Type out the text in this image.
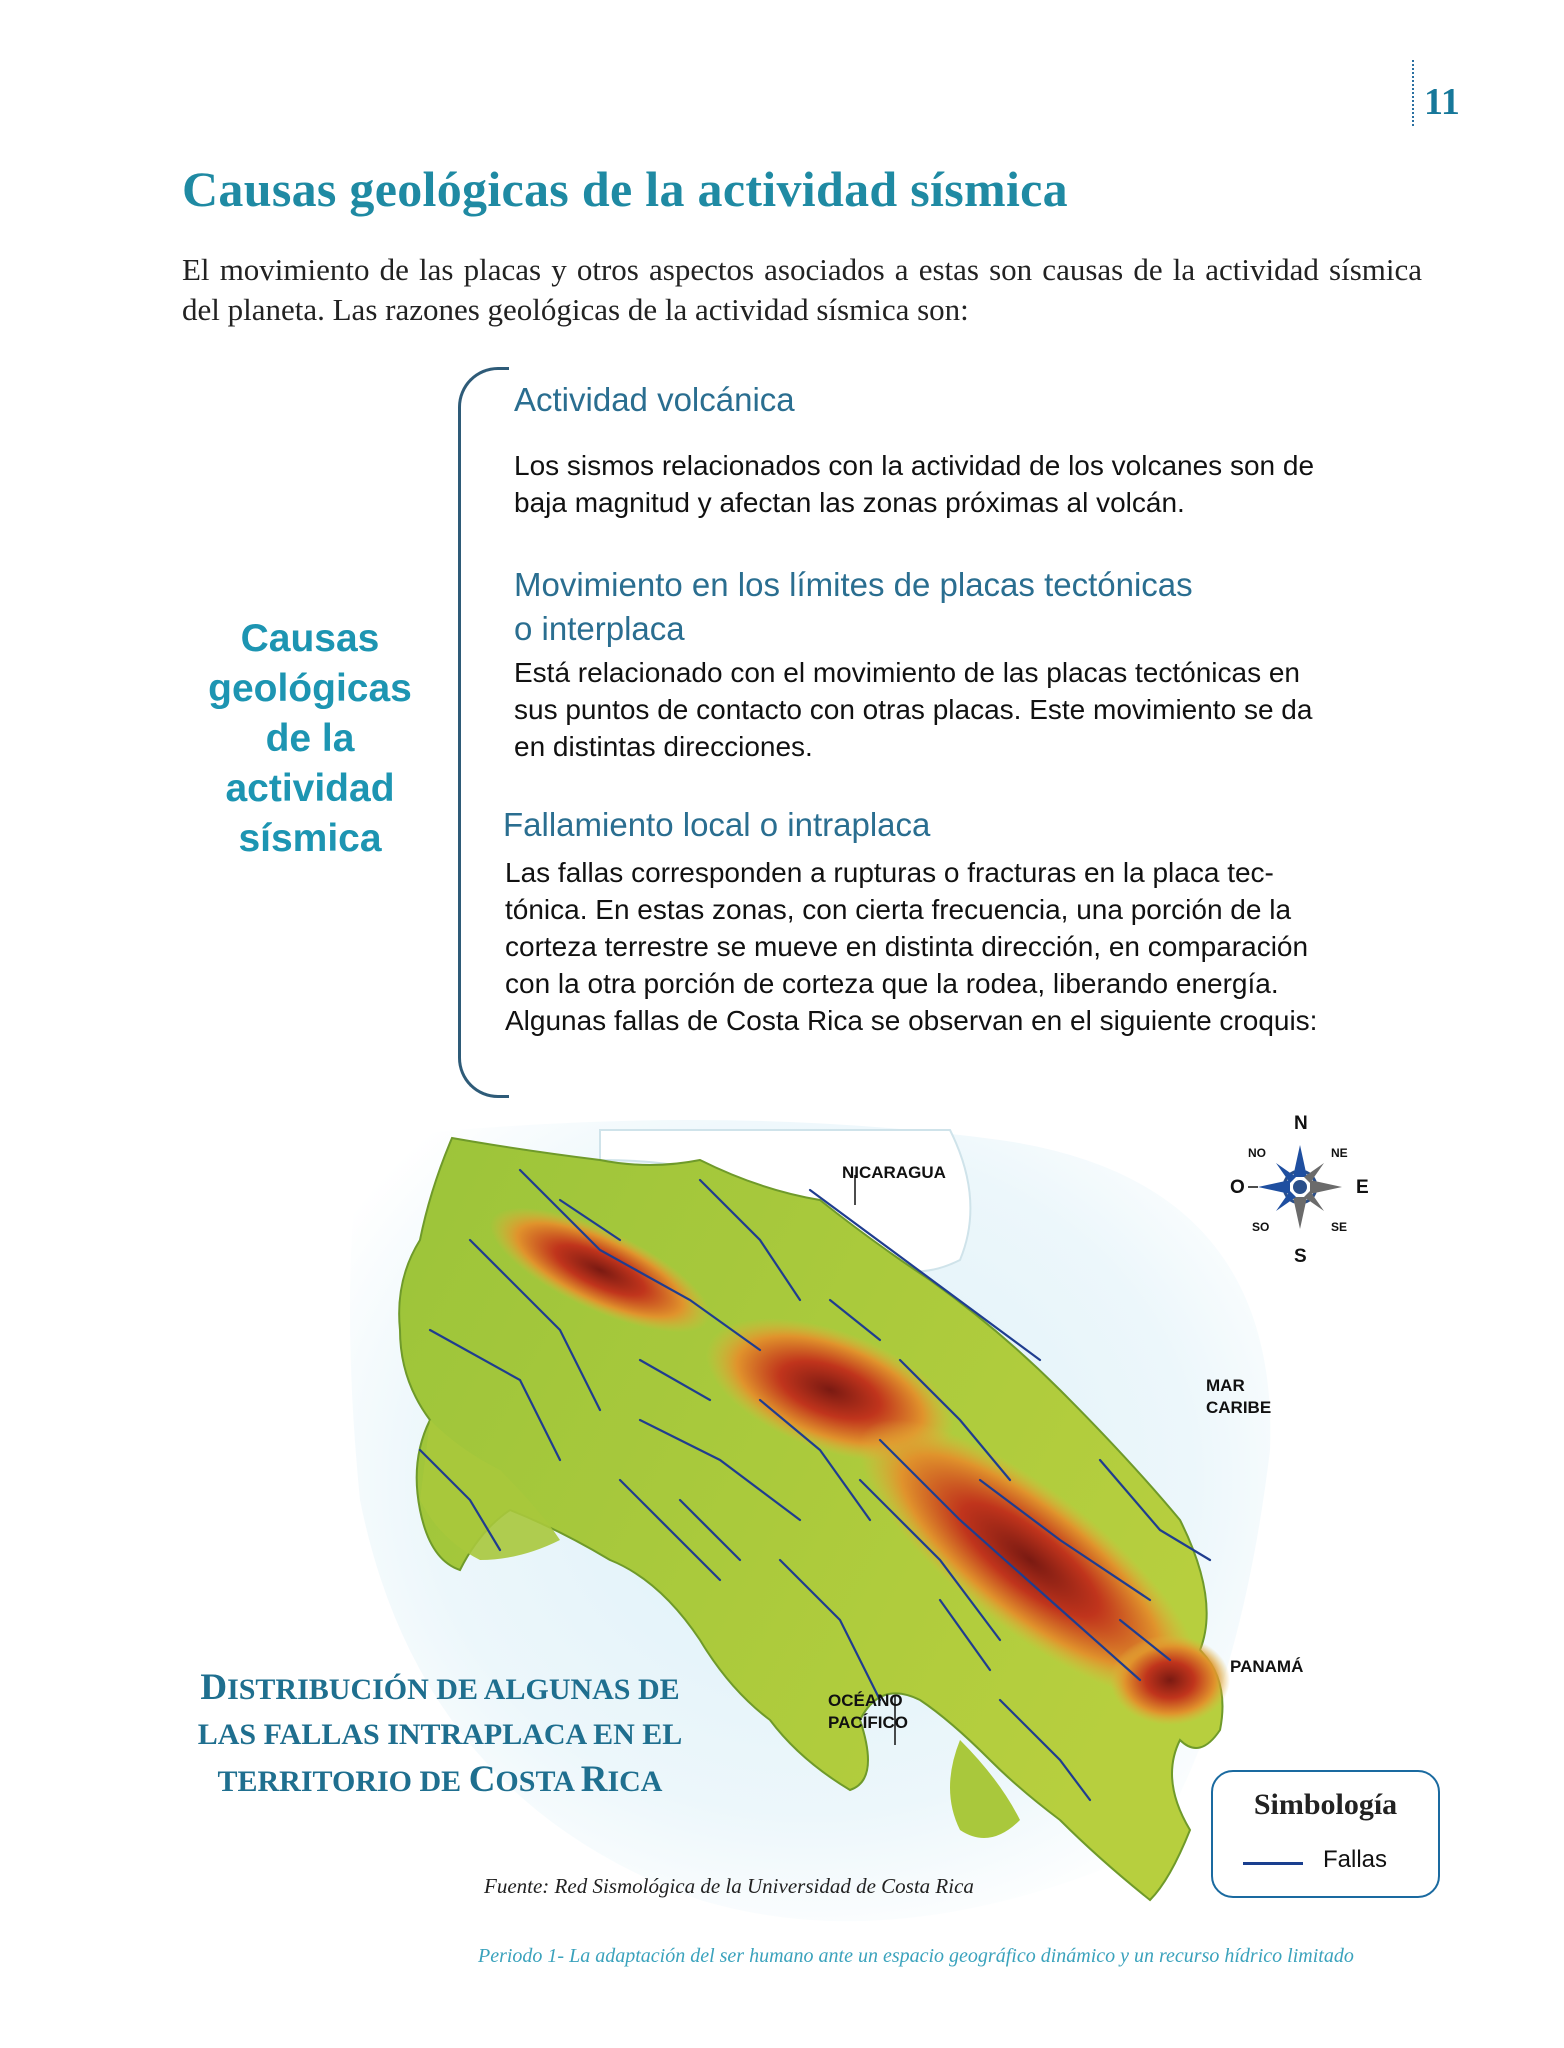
11
Causas geológicas de la actividad sísmica
El movimiento de las placas y otros aspectos asociados a estas son causas de la actividad sísmica del planeta. Las razones geológicas de la actividad sísmica son:
Causas
geológicas
de la
actividad
sísmica
Actividad volcánica
Los sismos relacionados con la actividad de los volcanes son de
baja magnitud y afectan las zonas próximas al volcán.
Movimiento en los límites de placas tectónicas
o interplaca
Está relacionado con el movimiento de las placas tectónicas en
sus puntos de contacto con otras placas. Este movimiento se da
en distintas direcciones.
Fallamiento local o intraplaca
Las fallas corresponden a rupturas o fracturas en la placa tec-
tónica. En estas zonas, con cierta frecuencia, una porción de la
corteza terrestre se mueve en distinta dirección, en comparación
con la otra porción de corteza que la rodea, liberando energía.
Algunas fallas de Costa Rica se observan en el siguiente croquis:
N
S
E
O
NO	NE
SO	SE
NICARAGUA
MAR
CARIBE
PANAMÁ
OCÉANO
PACÍFICO
DISTRIBUCIÓN DE ALGUNAS DE
LAS FALLAS INTRAPLACA EN EL
TERRITORIO DE COSTA RICA
Simbología
Fallas
Fuente: Red Sismológica de la Universidad de Costa Rica
Periodo 1- La adaptación del ser humano ante un espacio geográfico dinámico y un recurso hídrico limitado
